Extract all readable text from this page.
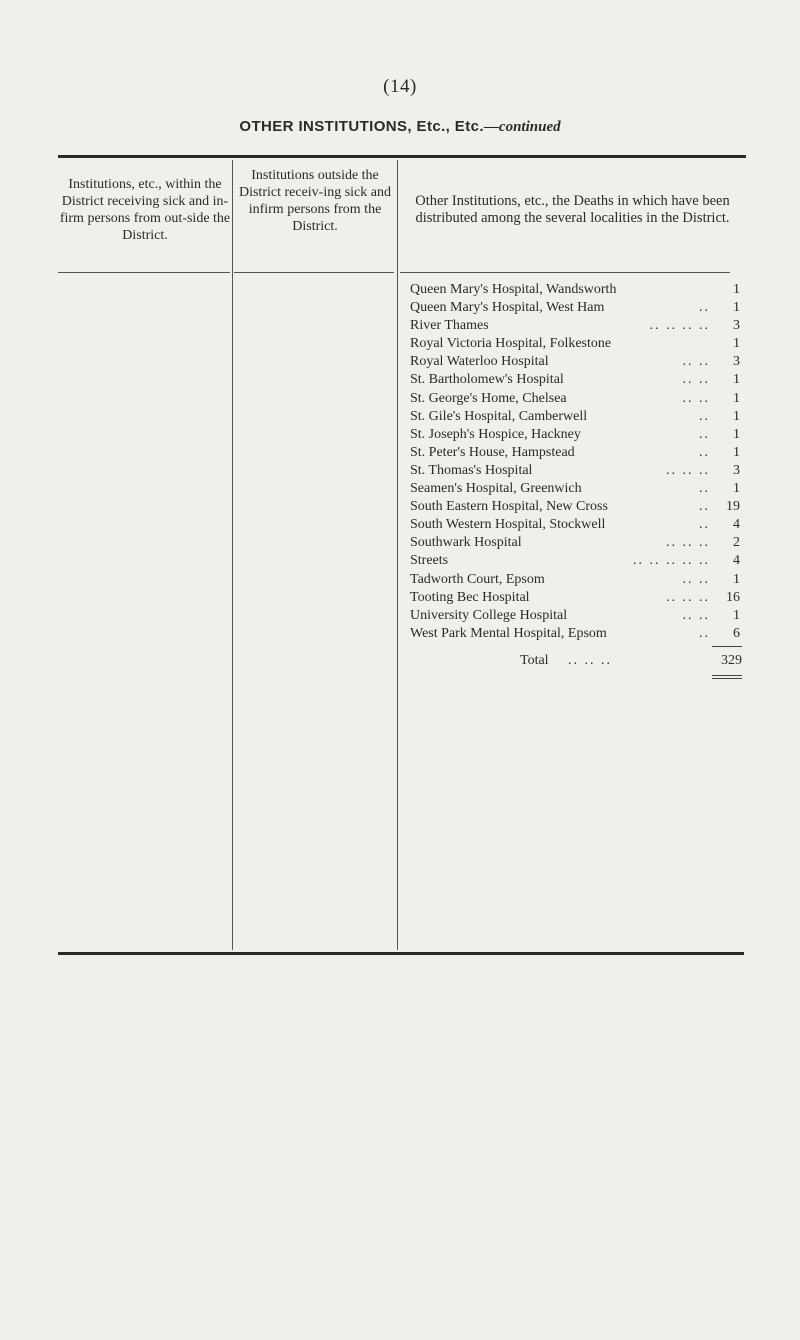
(14)
OTHER INSTITUTIONS, Etc., Etc.—continued
Institutions, etc., within the District receiving sick and in-firm persons from out-side the District.
Institutions outside the District receiv-ing sick and infirm persons from the District.
Other Institutions, etc., the Deaths in which have been distributed among the several localities in the District.
Queen Mary's Hospital, Wandsworth	1
Queen Mary's Hospital, West Ham	..	1
River Thames	.. .. .. ..	3
Royal Victoria Hospital, Folkestone	1
Royal Waterloo Hospital	.. ..	3
St. Bartholomew's Hospital	.. ..	1
St. George's Home, Chelsea	.. ..	1
St. Gile's Hospital, Camberwell	..	1
St. Joseph's Hospice, Hackney	..	1
St. Peter's House, Hampstead	..	1
St. Thomas's Hospital	.. .. ..	3
Seamen's Hospital, Greenwich	..	1
South Eastern Hospital, New Cross	..	19
South Western Hospital, Stockwell	..	4
Southwark Hospital	.. .. ..	2
Streets	.. .. .. .. ..	4
Tadworth Court, Epsom	.. ..	1
Tooting Bec Hospital	.. .. ..	16
University College Hospital	.. ..	1
West Park Mental Hospital, Epsom	..	6
Total .. .. ..	329
